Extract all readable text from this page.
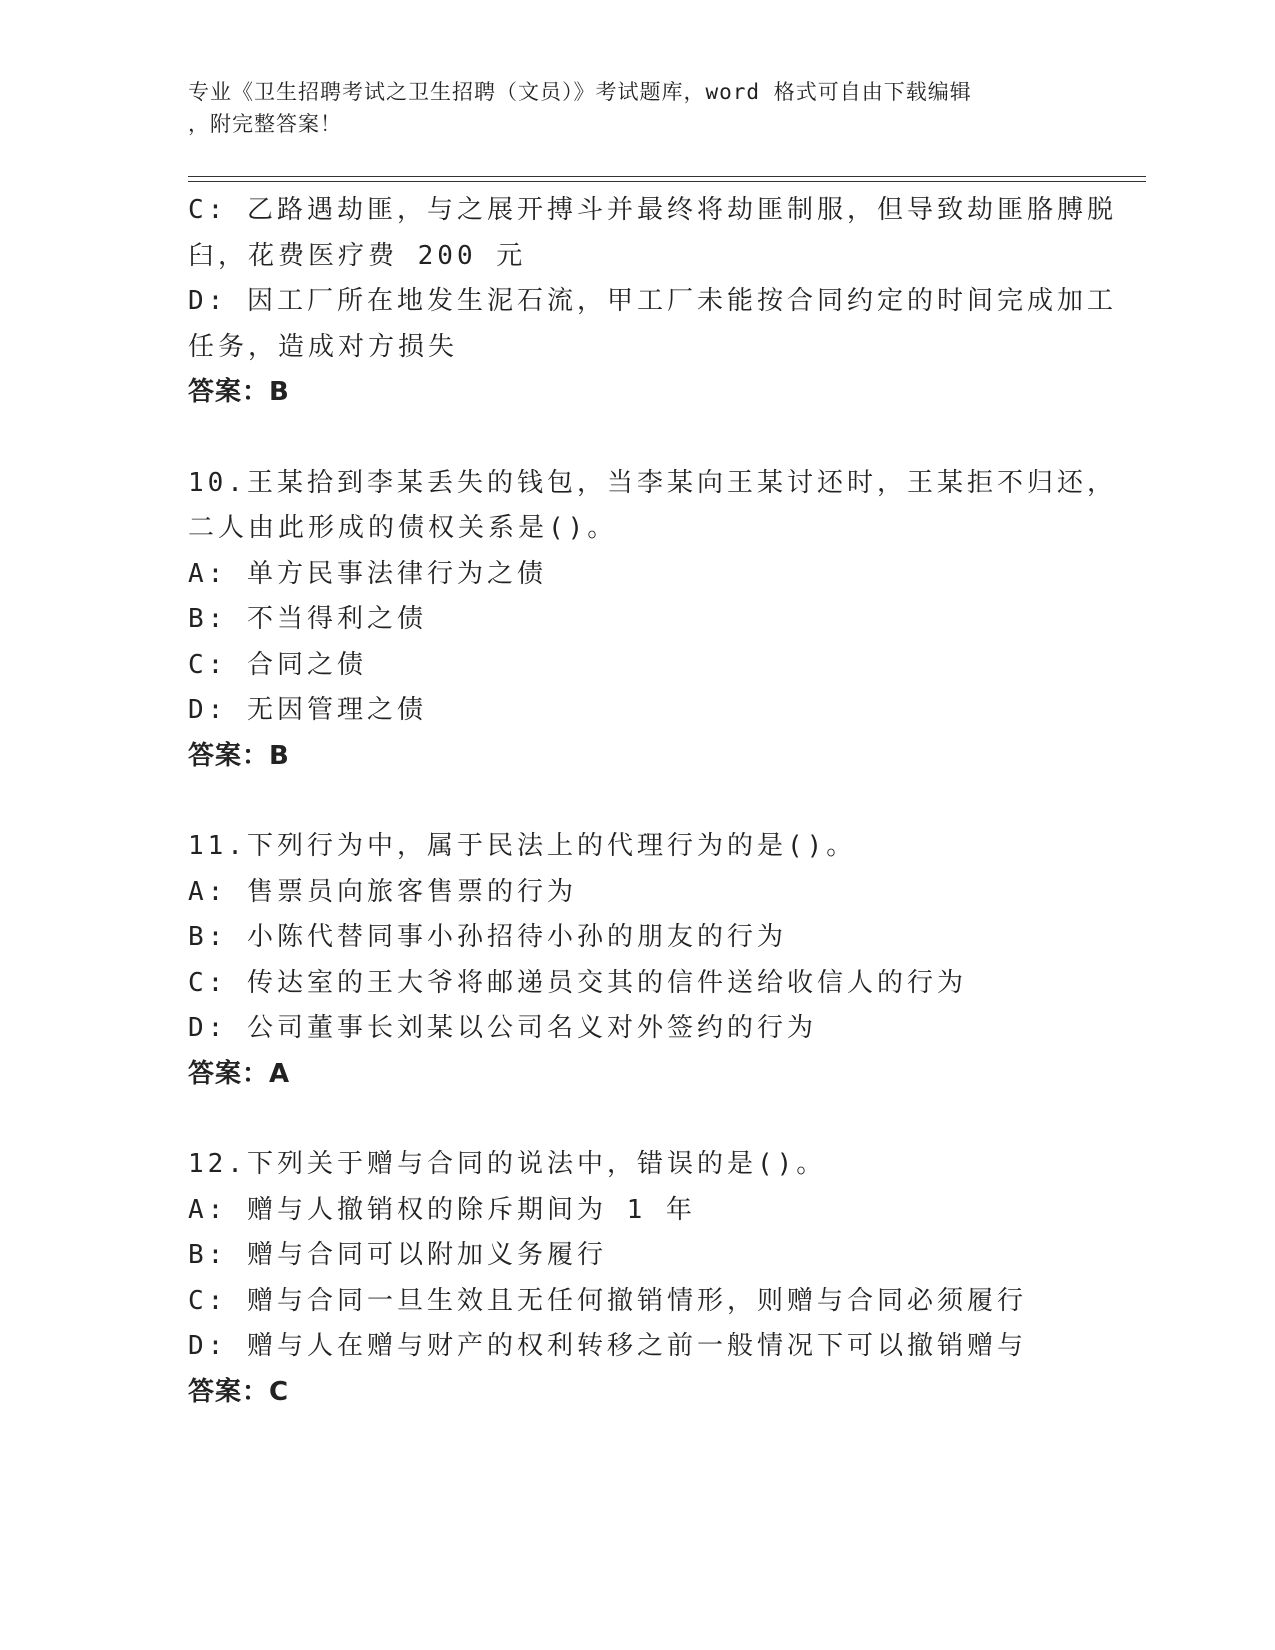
专业《卫生招聘考试之卫生招聘（文员）》考试题库，word 格式可自由下载编辑
，附完整答案！
C: 乙路遇劫匪，与之展开搏斗并最终将劫匪制服，但导致劫匪胳膊脱
臼，花费医疗费 200 元
D: 因工厂所在地发生泥石流，甲工厂未能按合同约定的时间完成加工
任务，造成对方损失
答案：B
10.王某拾到李某丢失的钱包，当李某向王某讨还时，王某拒不归还，
二人由此形成的债权关系是()。
A: 单方民事法律行为之债
B: 不当得利之债
C: 合同之债
D: 无因管理之债
答案：B
11.下列行为中，属于民法上的代理行为的是()。
A: 售票员向旅客售票的行为
B: 小陈代替同事小孙招待小孙的朋友的行为
C: 传达室的王大爷将邮递员交其的信件送给收信人的行为
D: 公司董事长刘某以公司名义对外签约的行为
答案：A
12.下列关于赠与合同的说法中，错误的是()。
A: 赠与人撤销权的除斥期间为 1 年
B: 赠与合同可以附加义务履行
C: 赠与合同一旦生效且无任何撤销情形，则赠与合同必须履行
D: 赠与人在赠与财产的权利转移之前一般情况下可以撤销赠与
答案：C
